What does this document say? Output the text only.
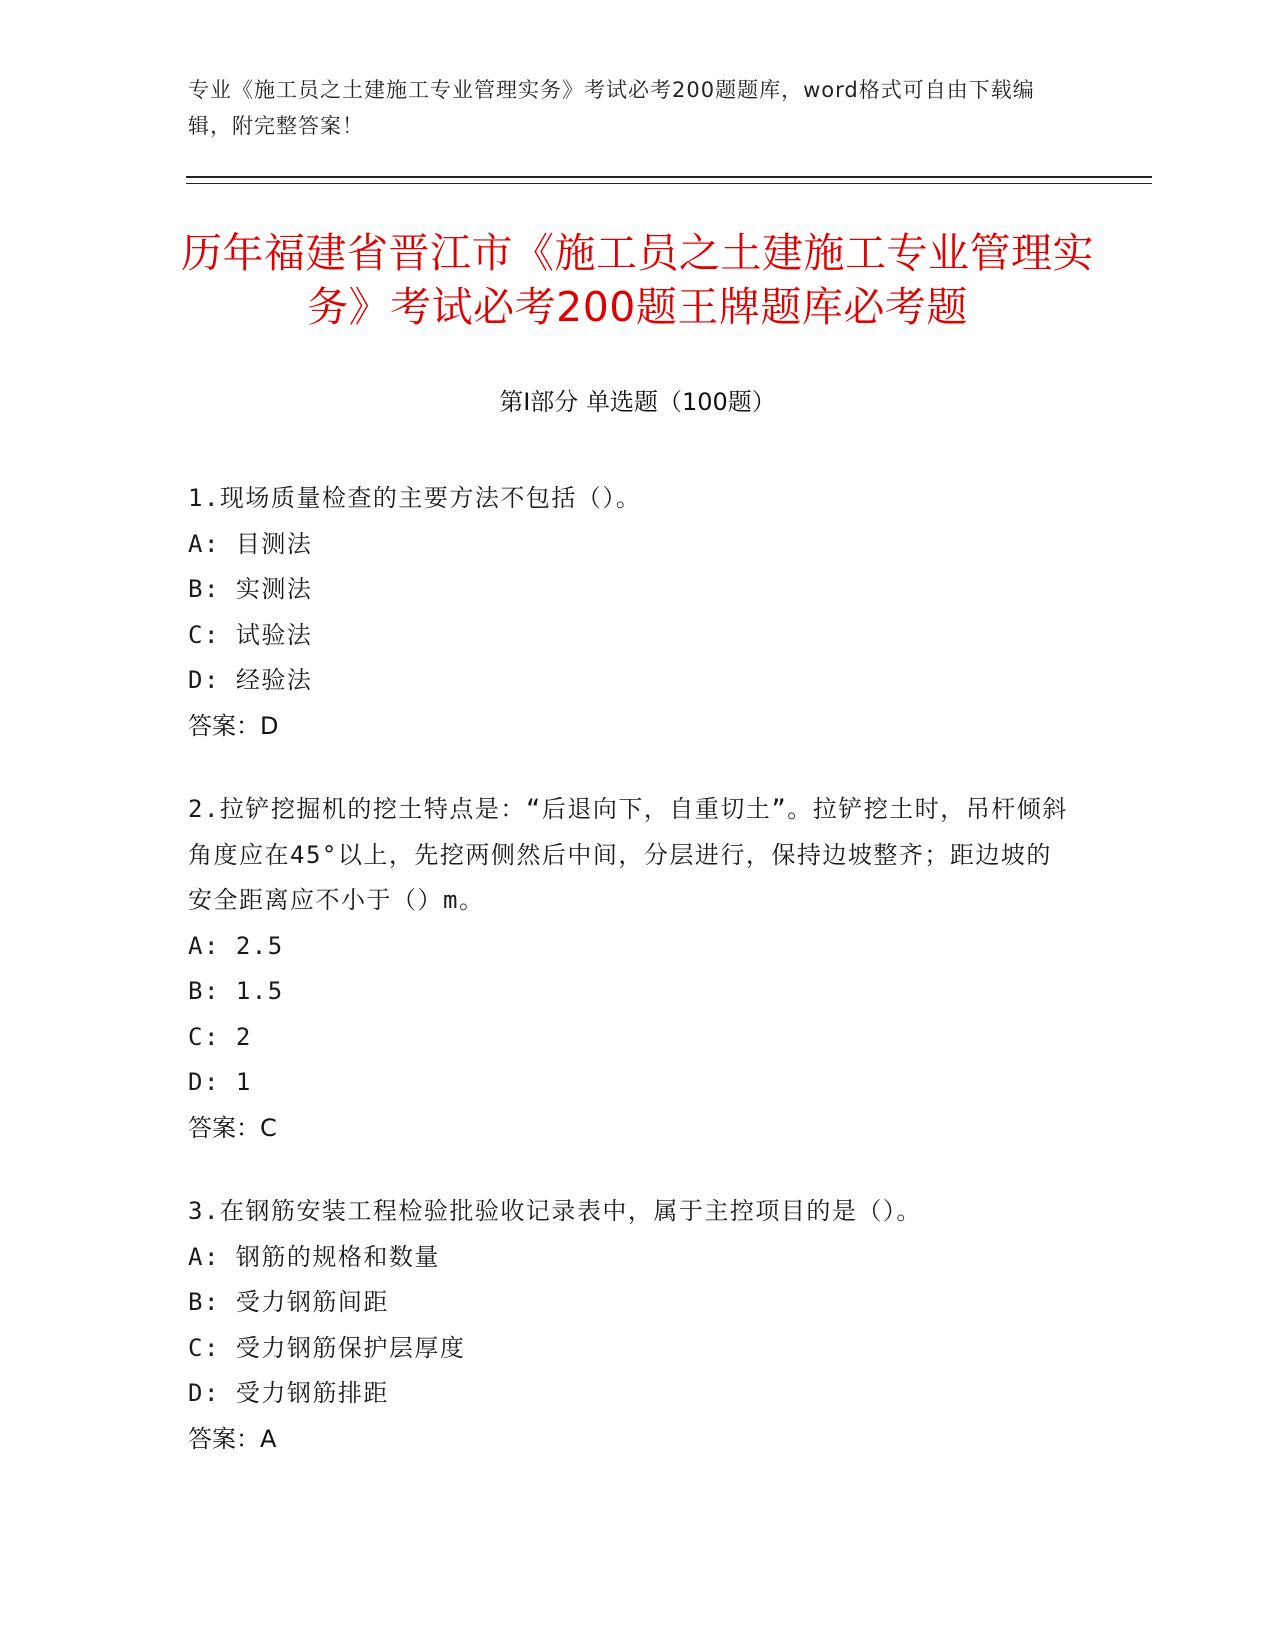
专业《施工员之土建施工专业管理实务》考试必考200题题库，word格式可自由下载编辑，附完整答案！
历年福建省晋江市《施工员之土建施工专业管理实务》考试必考200题王牌题库必考题
第Ⅰ部分 单选题（100题）
1.现场质量检查的主要方法不包括（）。
A: 目测法
B: 实测法
C: 试验法
D: 经验法
答案：D
2.拉铲挖掘机的挖土特点是：“后退向下，自重切土”。拉铲挖土时，吊杆倾斜角度应在45°以上，先挖两侧然后中间，分层进行，保持边坡整齐；距边坡的安全距离应不小于（）m。
A: 2.5
B: 1.5
C: 2
D: 1
答案：C
3.在钢筋安装工程检验批验收记录表中，属于主控项目的是（）。
A: 钢筋的规格和数量
B: 受力钢筋间距
C: 受力钢筋保护层厚度
D: 受力钢筋排距
答案：A
